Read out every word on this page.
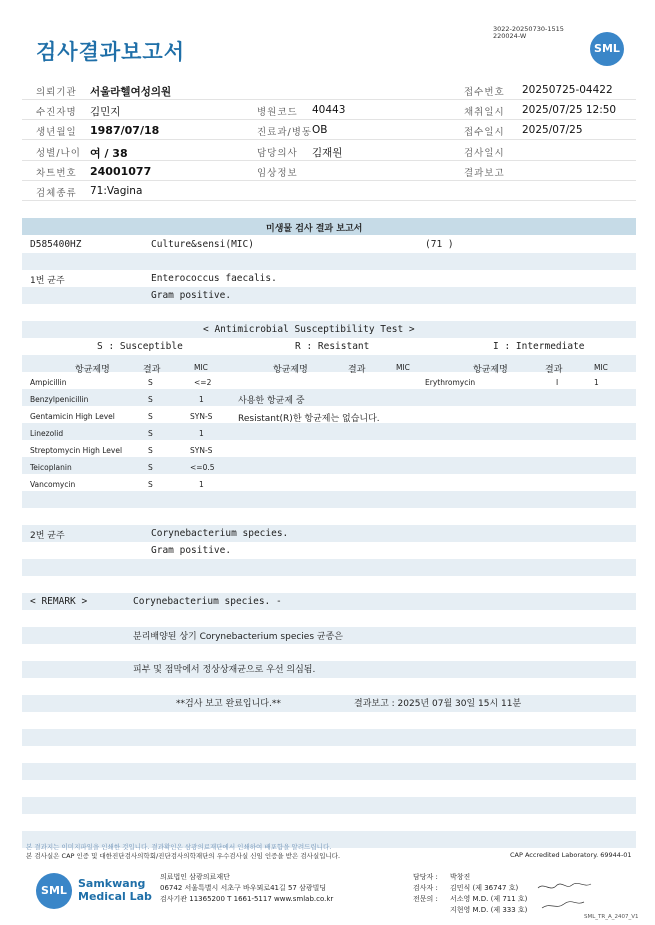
검사결과보고서
3022-20250730-1515
220024-W
SML
의뢰기관 서울라헬여성의원	접수번호 20250725-04422
수진자명 김민지	병원코드 40443	채취일시 2025/07/25 12:50
생년월일 1987/07/18	진료과/병동 OB	접수일시 2025/07/25
성별/나이 여 / 38	담당의사 김재원	검사일시
차트번호 24001077	임상정보	결과보고
검체종류 71:Vagina
미생물 검사 결과 보고서
D585400HZ	Culture&sensi(MIC)	(71 )
1번 균주	Enterococcus faecalis.
Gram positive.
< Antimicrobial Susceptibility Test >
S : Susceptible	R : Resistant	I : Intermediate
항균제명	결과	MIC	항균제명	결과	MIC	항균제명	결과	MIC
Ampicillin	S	<=2	Erythromycin	I	1
Benzylpenicillin	S	1	사용한 항균제 중
Gentamicin High Level	S	SYN-S	Resistant(R)한 항균제는 없습니다.
Linezolid	S	1
Streptomycin High Level	S	SYN-S
Teicoplanin	S	<=0.5
Vancomycin	S	1
2번 균주	Corynebacterium species.
Gram positive.
< REMARK >	Corynebacterium species. -
분리배양된 상기 Corynebacterium species 균종은
피부 및 점막에서 정상상재균으로 우선 의심됨.
**검사 보고 완료입니다.**	결과보고 : 2025년 07월 30일 15시 11분
본 결과지는 이미지파일을 인쇄한 것입니다. 결과확인은 삼광의료재단에서 인쇄하여 배포함을 알려드립니다.
본 검사실은 CAP 인증 및 대한진단검사의학회/진단검사의학재단의 우수검사실 신임 인증을 받은 검사실입니다.	CAP Accredited Laboratory. 69944-01
SML
Samkwang
Medical Lab
의료법인 삼광의료재단
06742 서울특별시 서초구 바우뫼로41길 57 삼광빌딩
검사기관 11365200 T 1661-5117 www.smlab.co.kr
담당자 : 박창진
검사자 : 김민식 (제 36747 호)
전문의 : 서소영 M.D. (제 711 호)
지현영 M.D. (제 333 호)
SML_TR_A_2407_V1
